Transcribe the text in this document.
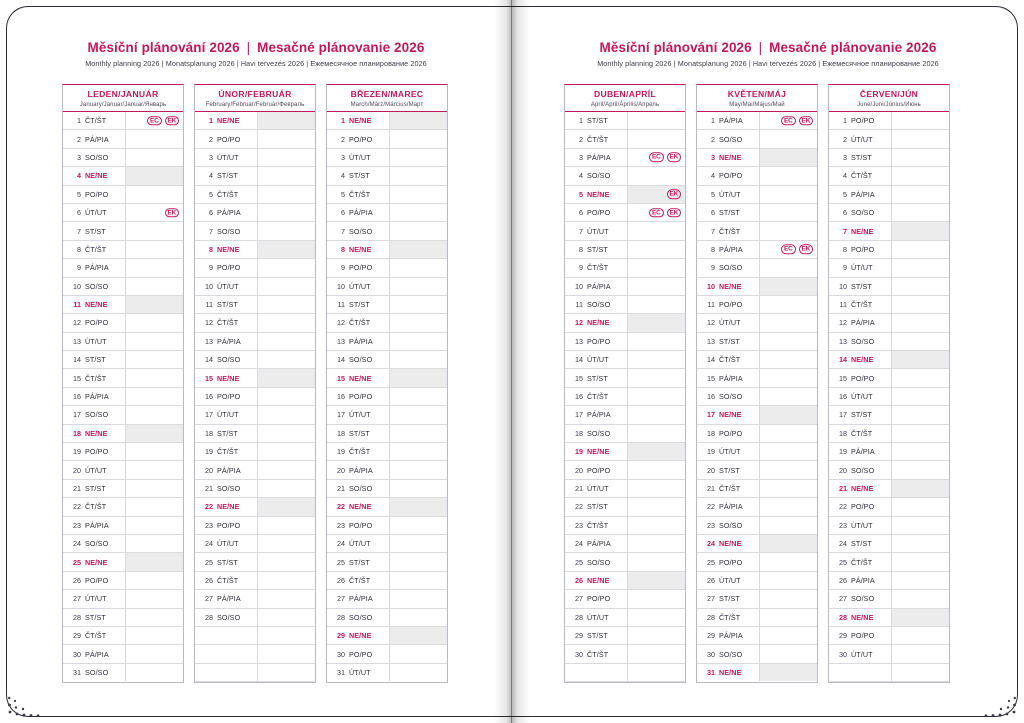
Měsíční plánování 2026 | Mesačné plánovanie 2026
Monthly planning 2026 | Monatsplanung 2026 | Havi tervezés 2026 | Ежемесячное планирование 2026
LEDEN/JANUÁR
January/Januar/Januar/Январь
1 ČT/ŠT	EC	EK
2 PÁ/PIA
3 SO/SO
4 NE/NE
5 PO/PO
6 ÚT/UT	EK
7 ST/ST
8 ČT/ŠT
9 PÁ/PIA
10 SO/SO
11 NE/NE
12 PO/PO
13 ÚT/UT
14 ST/ST
15 ČT/ŠT
16 PÁ/PIA
17 SO/SO
18 NE/NE
19 PO/PO
20 ÚT/UT
21 ST/ST
22 ČT/ŠT
23 PÁ/PIA
24 SO/SO
25 NE/NE
26 PO/PO
27 ÚT/UT
28 ST/ST
29 ČT/ŠT
30 PÁ/PIA
31 SO/SO
ÚNOR/FEBRUÁR
February/Februar/Február/Февраль
1 NE/NE
2 PO/PO
3 ÚT/UT
4 ST/ST
5 ČT/ŠT
6 PÁ/PIA
7 SO/SO
8 NE/NE
9 PO/PO
10 ÚT/UT
11 ST/ST
12 ČT/ŠT
13 PÁ/PIA
14 SO/SO
15 NE/NE
16 PO/PO
17 ÚT/UT
18 ST/ST
19 ČT/ŠT
20 PÁ/PIA
21 SO/SO
22 NE/NE
23 PO/PO
24 ÚT/UT
25 ST/ST
26 ČT/ŠT
27 PÁ/PIA
28 SO/SO
BŘEZEN/MAREC
March/März/Március/Март
1 NE/NE
2 PO/PO
3 ÚT/UT
4 ST/ST
5 ČT/ŠT
6 PÁ/PIA
7 SO/SO
8 NE/NE
9 PO/PO
10 ÚT/UT
11 ST/ST
12 ČT/ŠT
13 PÁ/PIA
14 SO/SO
15 NE/NE
16 PO/PO
17 ÚT/UT
18 ST/ST
19 ČT/ŠT
20 PÁ/PIA
21 SO/SO
22 NE/NE
23 PO/PO
24 ÚT/UT
25 ST/ST
26 ČT/ŠT
27 PÁ/PIA
28 SO/SO
29 NE/NE
30 PO/PO
31 ÚT/UT
Měsíční plánování 2026 | Mesačné plánovanie 2026
Monthly planning 2026 | Monatsplanung 2026 | Havi tervezés 2026 | Ежемесячное планирование 2026
DUBEN/APRÍL
April/April/Április/Апрель
1 ST/ST
2 ČT/ŠT
3 PÁ/PIA	EC	EK
4 SO/SO
5 NE/NE	EK
6 PO/PO	EC	EK
7 ÚT/UT
8 ST/ST
9 ČT/ŠT
10 PÁ/PIA
11 SO/SO
12 NE/NE
13 PO/PO
14 ÚT/UT
15 ST/ST
16 ČT/ŠT
17 PÁ/PIA
18 SO/SO
19 NE/NE
20 PO/PO
21 ÚT/UT
22 ST/ST
23 ČT/ŠT
24 PÁ/PIA
25 SO/SO
26 NE/NE
27 PO/PO
28 ÚT/UT
29 ST/ST
30 ČT/ŠT
KVĚTEN/MÁJ
May/Mai/Május/Май
1 PÁ/PIA	EC	EK
2 SO/SO
3 NE/NE
4 PO/PO
5 ÚT/UT
6 ST/ST
7 ČT/ŠT
8 PÁ/PIA	EC	EK
9 SO/SO
10 NE/NE
11 PO/PO
12 ÚT/UT
13 ST/ST
14 ČT/ŠT
15 PÁ/PIA
16 SO/SO
17 NE/NE
18 PO/PO
19 ÚT/UT
20 ST/ST
21 ČT/ŠT
22 PÁ/PIA
23 SO/SO
24 NE/NE
25 PO/PO
26 ÚT/UT
27 ST/ST
28 ČT/ŠT
29 PÁ/PIA
30 SO/SO
31 NE/NE
ČERVEN/JÚN
June/Juni/Június/Июнь
1 PO/PO
2 ÚT/UT
3 ST/ST
4 ČT/ŠT
5 PÁ/PIA
6 SO/SO
7 NE/NE
8 PO/PO
9 ÚT/UT
10 ST/ST
11 ČT/ŠT
12 PÁ/PIA
13 SO/SO
14 NE/NE
15 PO/PO
16 ÚT/UT
17 ST/ST
18 ČT/ŠT
19 PÁ/PIA
20 SO/SO
21 NE/NE
22 PO/PO
23 ÚT/UT
24 ST/ST
25 ČT/ŠT
26 PÁ/PIA
27 SO/SO
28 NE/NE
29 PO/PO
30 ÚT/UT
